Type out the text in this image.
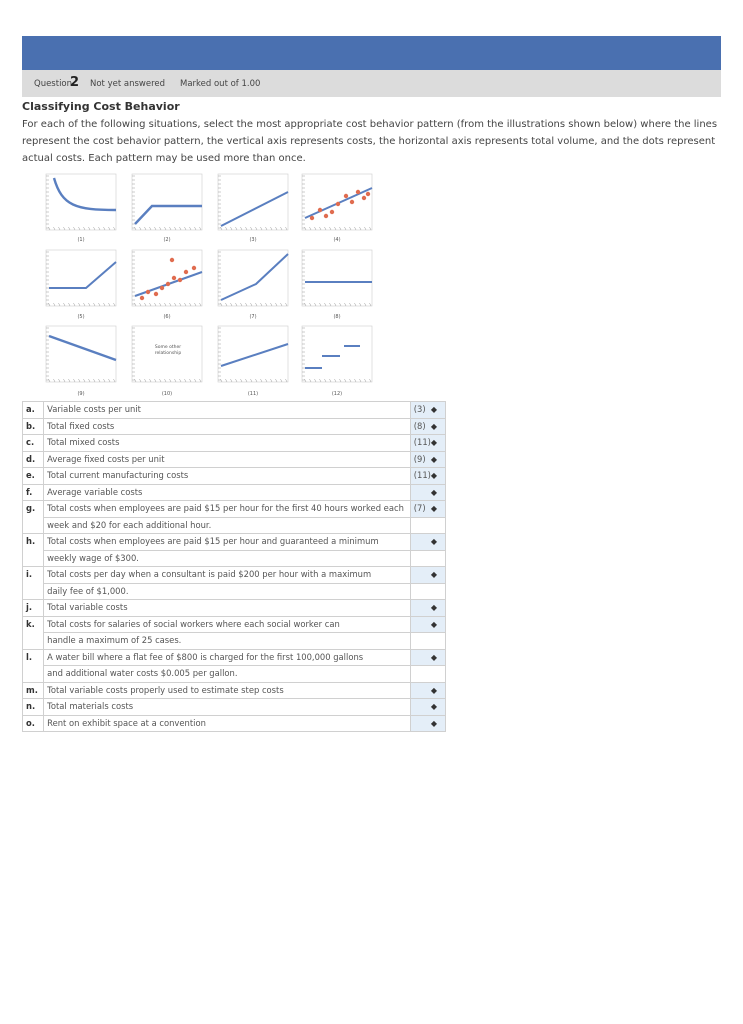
Question
2 Not yet answered Marked out of 1.00
Classifying Cost Behavior
For each of the following situations, select the most appropriate cost behavior pattern (from the illustrations shown below) where the lines represent the cost behavior pattern, the vertical axis represents costs, the horizontal axis represents total volume, and the dots represent actual costs. Each pattern may be used more than once.
(1)	(2)	(3)	(4)
(5)	(6)	(7)	(8)
Some other
relationship
(9)	(10)	(11)	(12)
a.	Variable costs per unit	(3) ◆

b.	Total fixed costs	(8) ◆

c.	Total mixed costs	(11) ◆

d.	Average fixed costs per unit	(9) ◆

e.	Total current manufacturing costs	(11) ◆

f.	Average variable costs	◆

g.	Total costs when employees are paid $15 per hour for the first 40 hours worked each	(7) ◆

	week and $20 for each additional hour.	
h.	Total costs when employees are paid $15 per hour and guaranteed a minimum	◆

	weekly wage of $300.	
i.	Total costs per day when a consultant is paid $200 per hour with a maximum	◆

	daily fee of $1,000.	
j.	Total variable costs	◆

k.	Total costs for salaries of social workers where each social worker can	◆

	handle a maximum of 25 cases.	
l.	A water bill where a flat fee of $800 is charged for the first 100,000 gallons	◆

	and additional water costs $0.005 per gallon.	
m.	Total variable costs properly used to estimate step costs	◆

n.	Total materials costs	◆

o.	Rent on exhibit space at a convention	◆
